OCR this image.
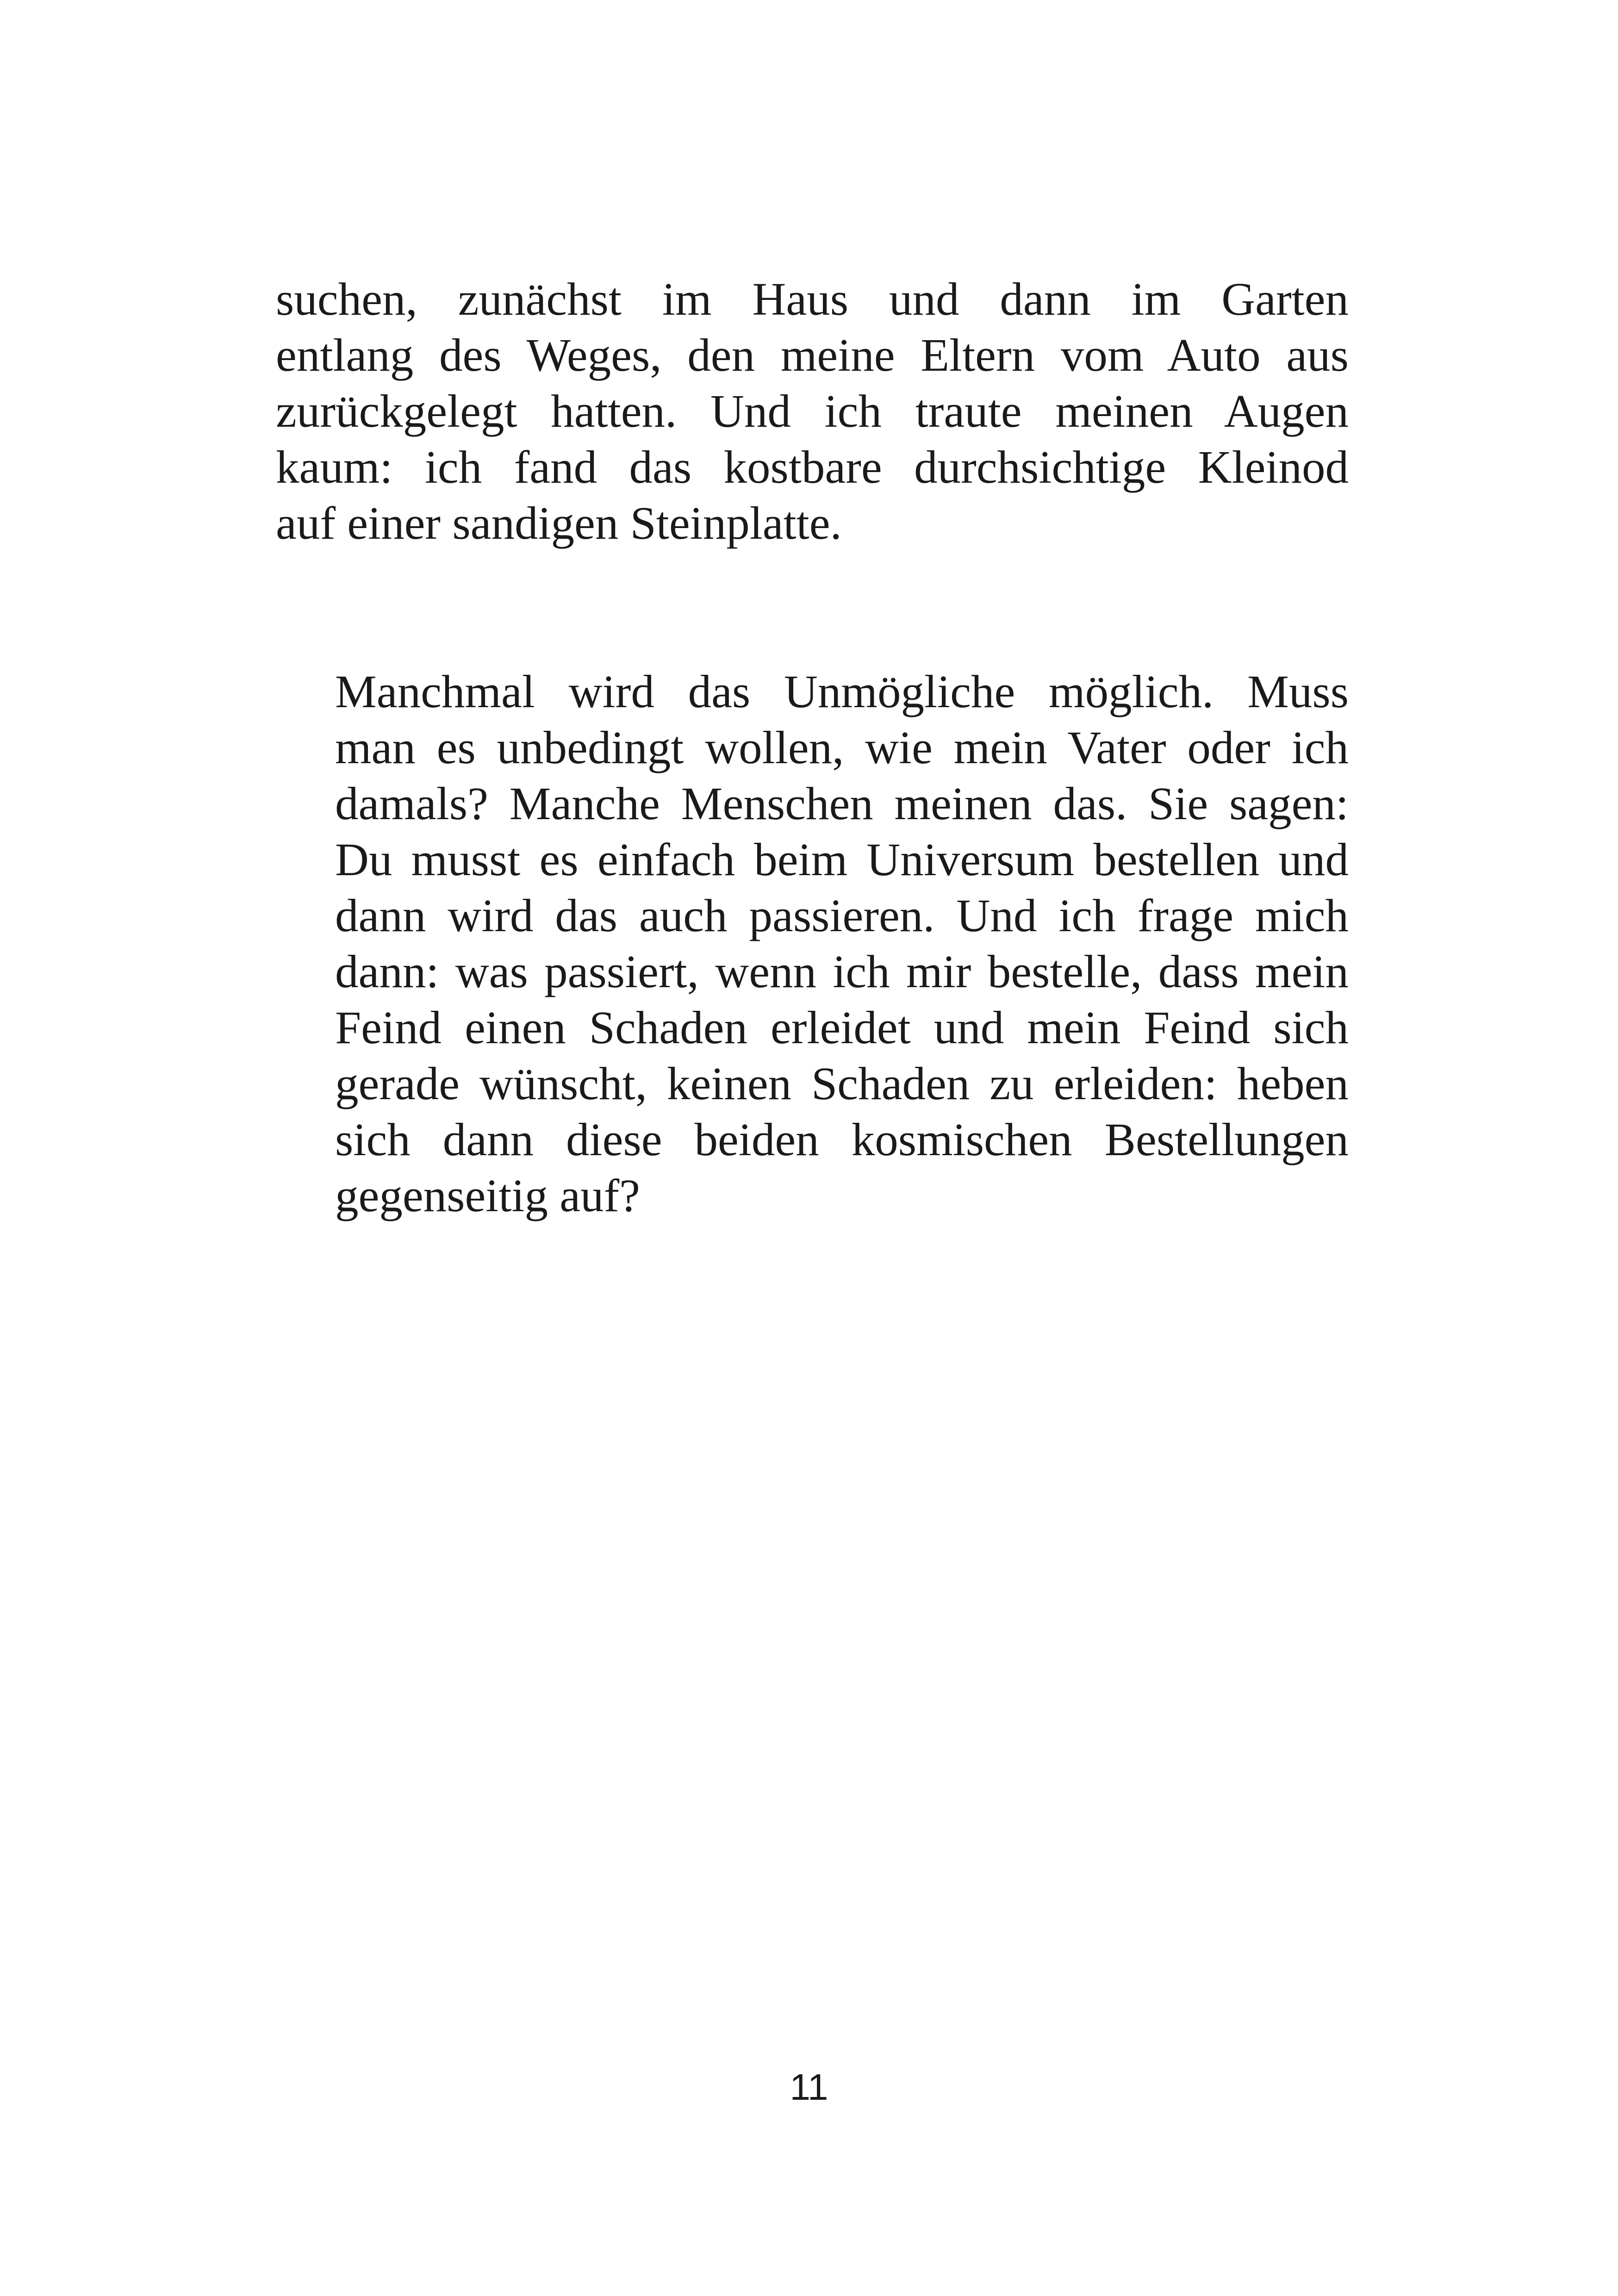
suchen, zunächst im Haus und dann im Garten
entlang des Weges, den meine Eltern vom Auto aus
zurückgelegt hatten. Und ich traute meinen Augen
kaum: ich fand das kostbare durchsichtige Kleinod
auf einer sandigen Steinplatte.
Manchmal wird das Unmögliche möglich. Muss
man es unbedingt wollen, wie mein Vater oder ich
damals? Manche Menschen meinen das. Sie sagen:
Du musst es einfach beim Universum bestellen und
dann wird das auch passieren. Und ich frage mich
dann: was passiert, wenn ich mir bestelle, dass mein
Feind einen Schaden erleidet und mein Feind sich
gerade wünscht, keinen Schaden zu erleiden: heben
sich dann diese beiden kosmischen Bestellungen
gegenseitig auf?
11
